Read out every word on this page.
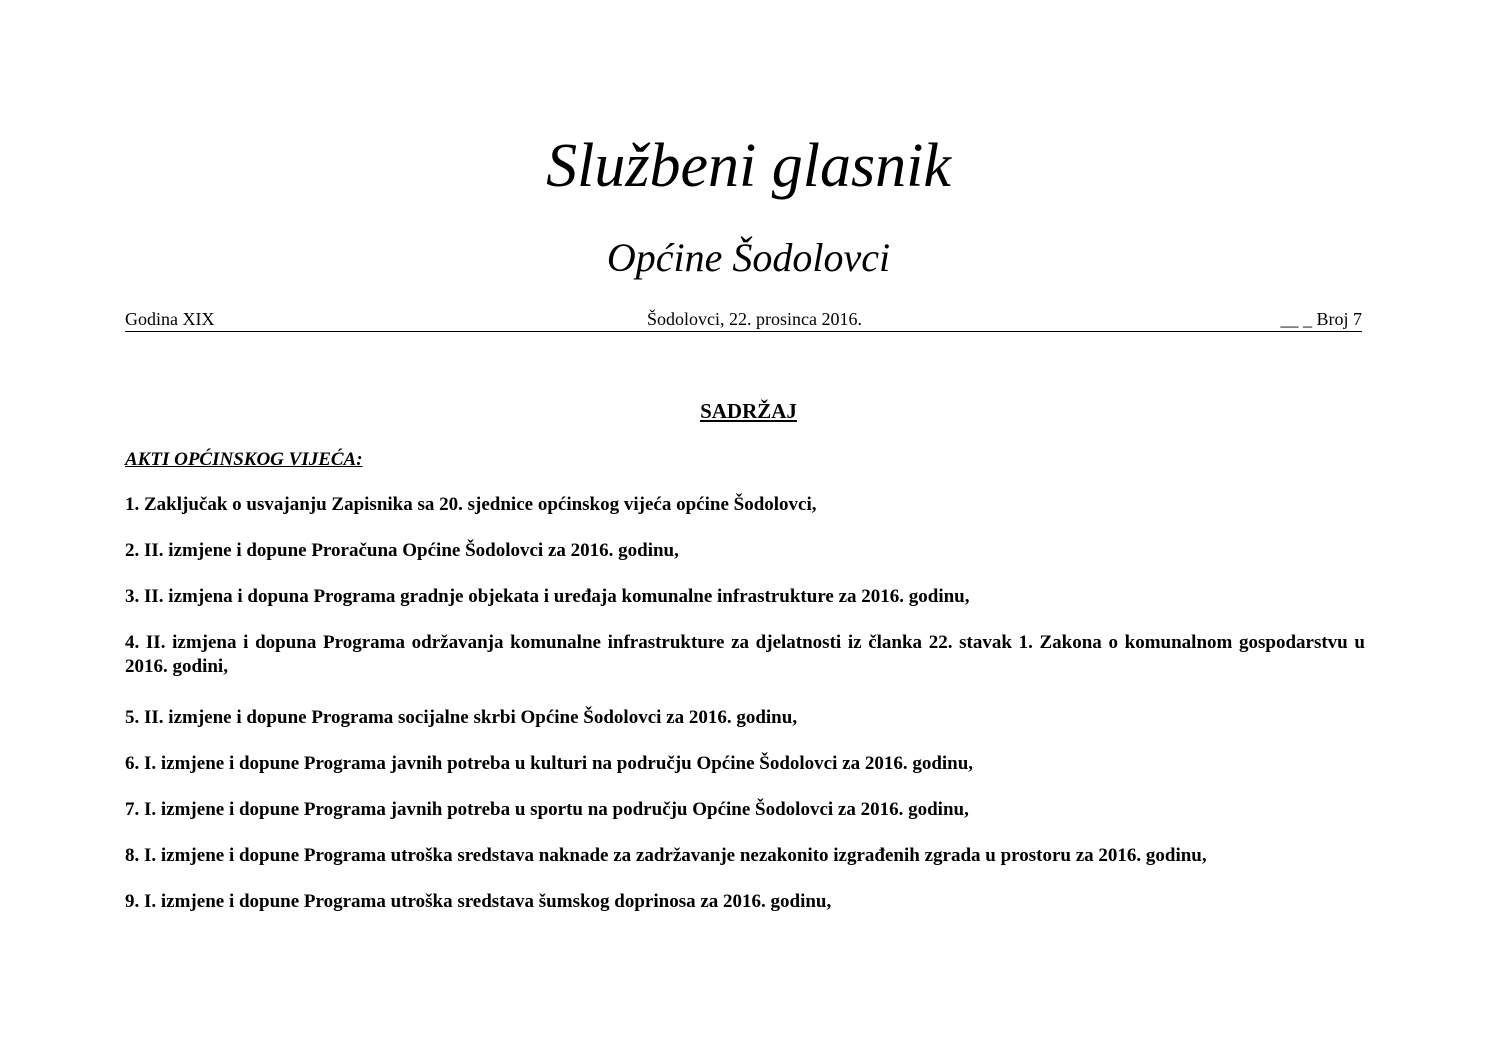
Službeni glasnik
Općine Šodolovci
Godina XIX	Šodolovci, 22. prosinca 2016.	__ _ Broj 7
SADRŽAJ
AKTI OPĆINSKOG VIJEĆA:
1. Zaključak o usvajanju Zapisnika sa 20. sjednice općinskog vijeća općine Šodolovci,
2. II. izmjene i dopune Proračuna Općine Šodolovci za 2016. godinu,
3. II. izmjena i dopuna Programa gradnje objekata i uređaja komunalne infrastrukture za 2016. godinu,
4. II. izmjena i dopuna Programa održavanja komunalne infrastrukture za djelatnosti iz članka 22. stavak 1. Zakona o komunalnom gospodarstvu u 2016. godini,
5. II. izmjene i dopune Programa socijalne skrbi Općine Šodolovci za 2016. godinu,
6. I. izmjene i dopune Programa javnih potreba u kulturi na području Općine Šodolovci za 2016. godinu,
7. I. izmjene i dopune Programa javnih potreba u sportu na području Općine Šodolovci za 2016. godinu,
8. I. izmjene i dopune Programa utroška sredstava naknade za zadržavanje nezakonito izgrađenih zgrada u prostoru za 2016. godinu,
9. I. izmjene i dopune Programa utroška sredstava šumskog doprinosa za 2016. godinu,
